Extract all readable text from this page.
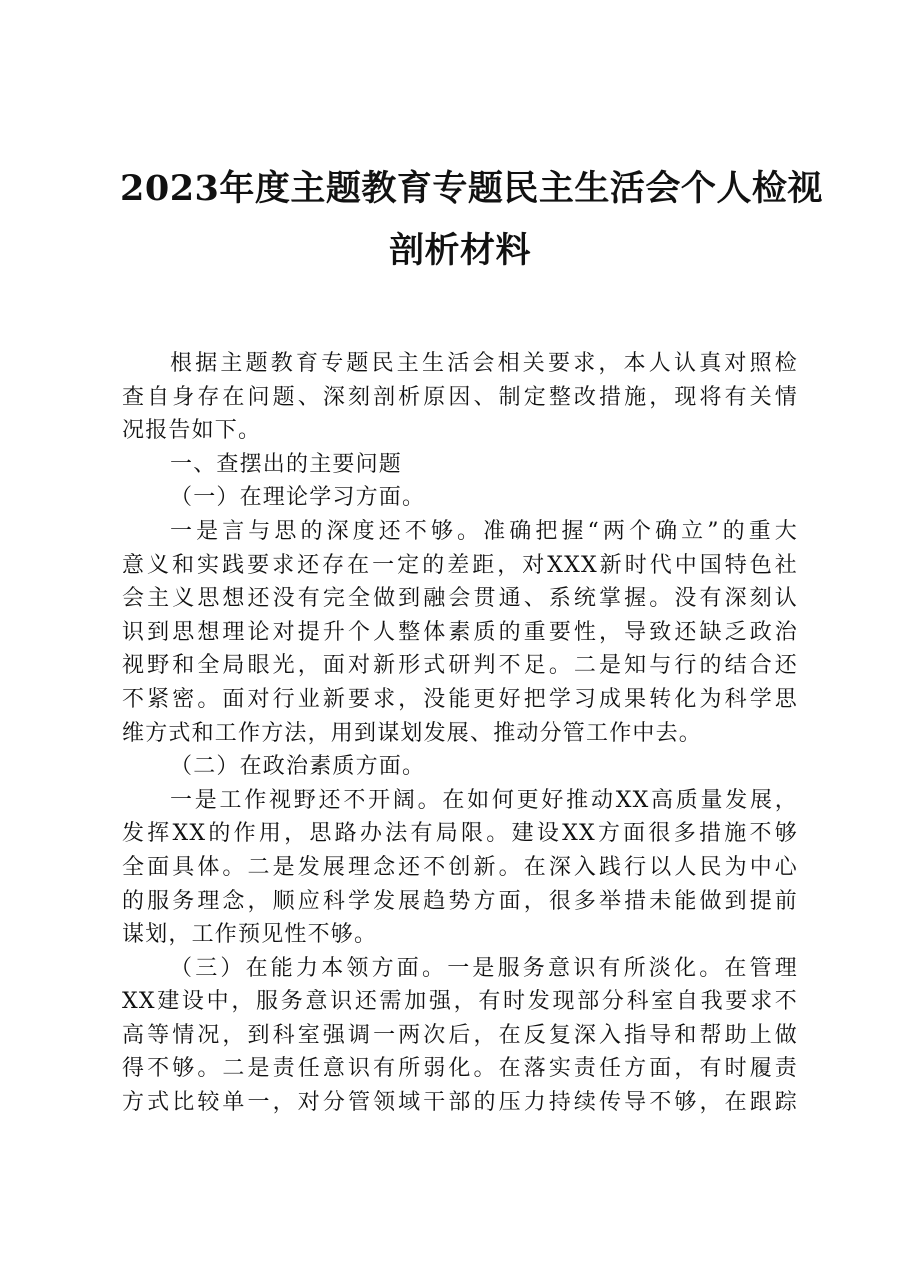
2023年度主题教育专题民主生活会个人检视
剖析材料
根据主题教育专题民主生活会相关要求，本人认真对照检
查自身存在问题、深刻剖析原因、制定整改措施，现将有关情
况报告如下。
一、查摆出的主要问题
（一）在理论学习方面。
一是言与思的深度还不够。准确把握“两个确立”的重大
意义和实践要求还存在一定的差距，对XXX新时代中国特色社
会主义思想还没有完全做到融会贯通、系统掌握。没有深刻认
识到思想理论对提升个人整体素质的重要性，导致还缺乏政治
视野和全局眼光，面对新形式研判不足。二是知与行的结合还
不紧密。面对行业新要求，没能更好把学习成果转化为科学思
维方式和工作方法，用到谋划发展、推动分管工作中去。
（二）在政治素质方面。
一是工作视野还不开阔。在如何更好推动XX高质量发展，
发挥XX的作用，思路办法有局限。建设XX方面很多措施不够
全面具体。二是发展理念还不创新。在深入践行以人民为中心
的服务理念，顺应科学发展趋势方面，很多举措未能做到提前
谋划，工作预见性不够。
（三）在能力本领方面。一是服务意识有所淡化。在管理
XX建设中，服务意识还需加强，有时发现部分科室自我要求不
高等情况，到科室强调一两次后，在反复深入指导和帮助上做
得不够。二是责任意识有所弱化。在落实责任方面，有时履责
方式比较单一，对分管领域干部的压力持续传导不够，在跟踪
